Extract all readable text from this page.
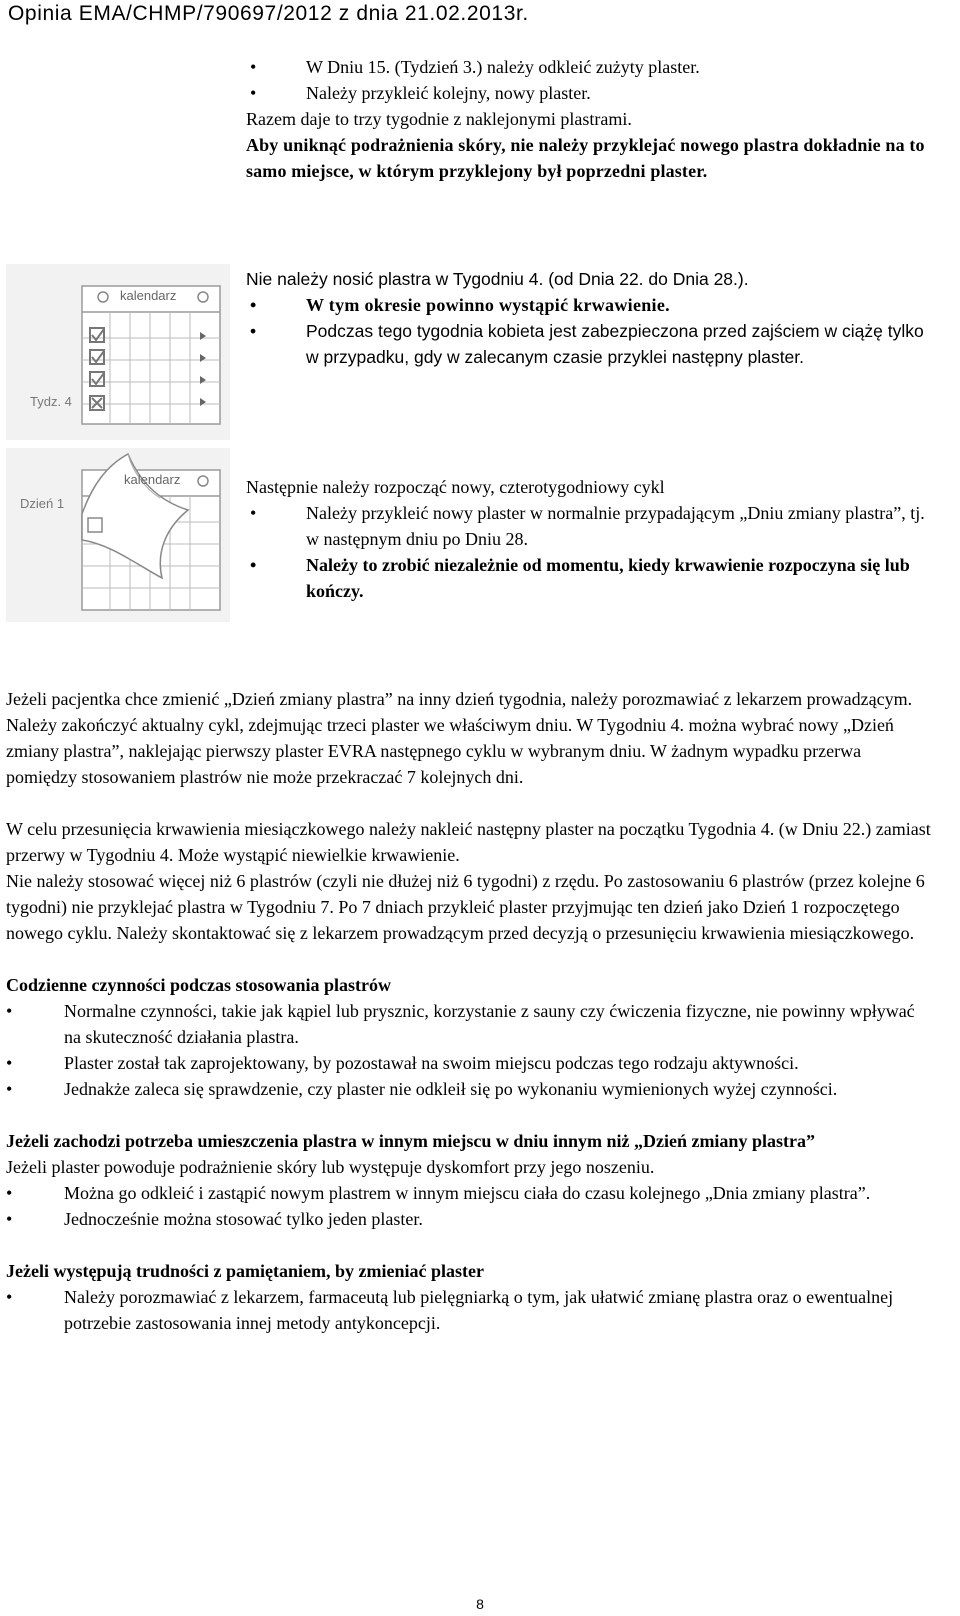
Opinia EMA/CHMP/790697/2012 z dnia 21.02.2013r.

• W Dniu 15. (Tydzień 3.) należy odkleić zużyty plaster.

• Należy przykleić kolejny, nowy plaster.

Razem daje to trzy tygodnie z naklejonymi plastrami.

Aby uniknąć podrażnienia skóry, nie należy przyklejać nowego plastra dokładnie na to samo miejsce, w którym przyklejony był poprzedni plaster.

kalendarz
Tydz. 4

Nie należy nosić plastra w Tygodniu 4. (od Dnia 22. do Dnia 28.).

• W tym okresie powinno wystąpić krwawienie.

• Podczas tego tygodnia kobieta jest zabezpieczona przed zajściem w ciążę tylko w przypadku, gdy w zalecanym czasie przyklei następny plaster.

kalendarz
Dzień 1

Następnie należy rozpocząć nowy, czterotygodniowy cykl

• Należy przykleić nowy plaster w normalnie przypadającym „Dniu zmiany plastra”, tj. w następnym dniu po Dniu 28.

• Należy to zrobić niezależnie od momentu, kiedy krwawienie rozpoczyna się lub kończy.

Jeżeli pacjentka chce zmienić „Dzień zmiany plastra” na inny dzień tygodnia, należy porozmawiać z lekarzem prowadzącym.

Należy zakończyć aktualny cykl, zdejmując trzeci plaster we właściwym dniu. W Tygodniu 4. można wybrać nowy „Dzień zmiany plastra”, naklejając pierwszy plaster EVRA następnego cyklu w wybranym dniu. W żadnym wypadku przerwa pomiędzy stosowaniem plastrów nie może przekraczać 7 kolejnych dni.

W celu przesunięcia krwawienia miesiączkowego należy nakleić następny plaster na początku Tygodnia 4. (w Dniu 22.) zamiast przerwy w Tygodniu 4. Może wystąpić niewielkie krwawienie.

Nie należy stosować więcej niż 6 plastrów (czyli nie dłużej niż 6 tygodni) z rzędu. Po zastosowaniu 6 plastrów (przez kolejne 6 tygodni) nie przyklejać plastra w Tygodniu 7. Po 7 dniach przykleić plaster przyjmując ten dzień jako Dzień 1 rozpoczętego nowego cyklu. Należy skontaktować się z lekarzem prowadzącym przed decyzją o przesunięciu krwawienia miesiączkowego.

Codzienne czynności podczas stosowania plastrów

• Normalne czynności, takie jak kąpiel lub prysznic, korzystanie z sauny czy ćwiczenia fizyczne, nie powinny wpływać na skuteczność działania plastra.

• Plaster został tak zaprojektowany, by pozostawał na swoim miejscu podczas tego rodzaju aktywności.

• Jednakże zaleca się sprawdzenie, czy plaster nie odkleił się po wykonaniu wymienionych wyżej czynności.

Jeżeli zachodzi potrzeba umieszczenia plastra w innym miejscu w dniu innym niż „Dzień zmiany plastra”

Jeżeli plaster powoduje podrażnienie skóry lub występuje dyskomfort przy jego noszeniu.

• Można go odkleić i zastąpić nowym plastrem w innym miejscu ciała do czasu kolejnego „Dnia zmiany plastra”.

• Jednocześnie można stosować tylko jeden plaster.

Jeżeli występują trudności z pamiętaniem, by zmieniać plaster

• Należy porozmawiać z lekarzem, farmaceutą lub pielęgniarką o tym, jak ułatwić zmianę plastra oraz o ewentualnej potrzebie zastosowania innej metody antykoncepcji.

8
